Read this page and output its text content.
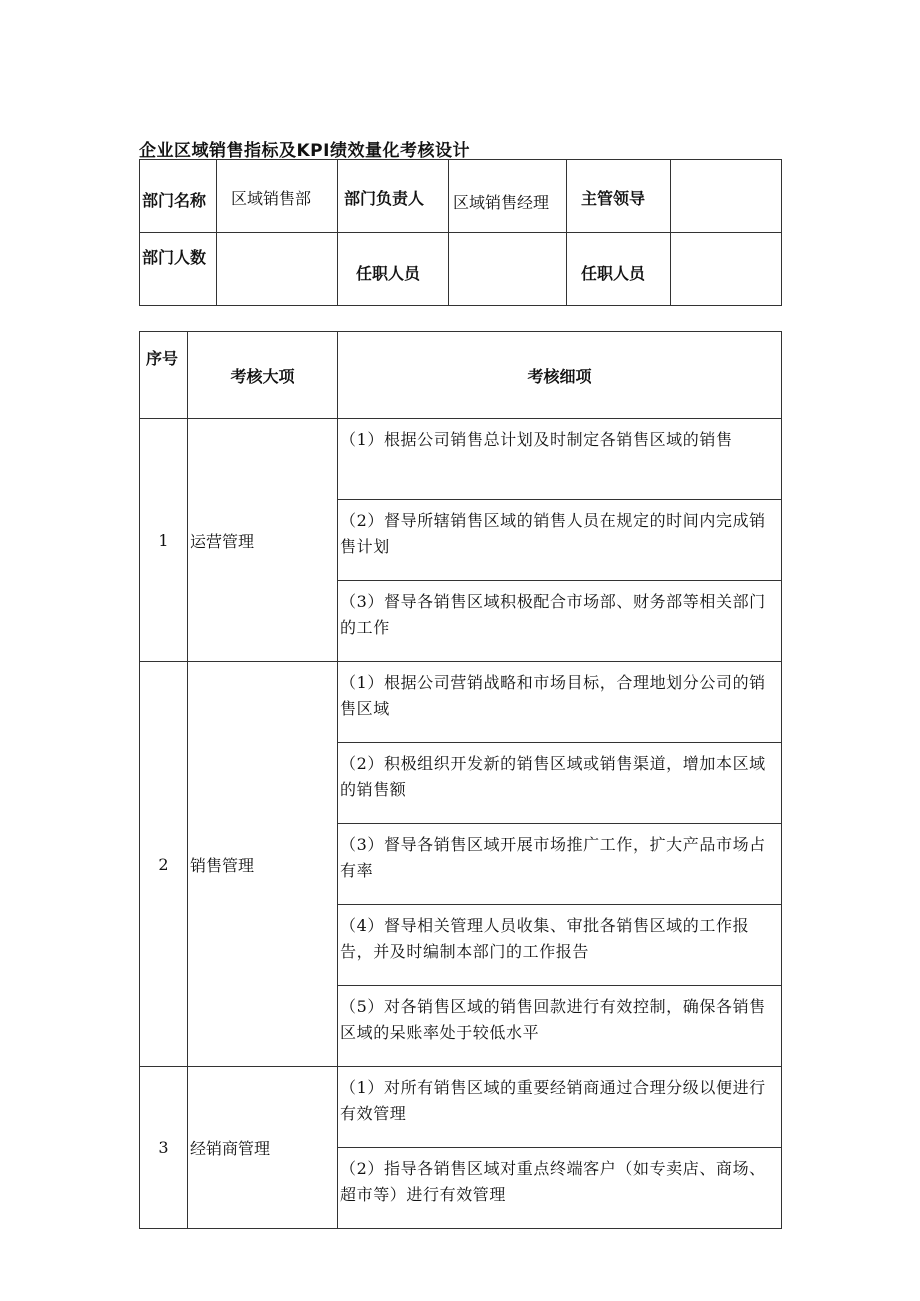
企业区域销售指标及KPI绩效量化考核设计
部门名称	区域销售部	部门负责人	区域销售经理	主管领导	

部门人数		任职人员		任职人员	

序号	考核大项	考核细项
1	运营管理	（1）根据公司销售总计划及时制定各销售区域的销售
		（2）督导所辖销售区域的销售人员在规定的时间内完成销售计划
		（3）督导各销售区域积极配合市场部、财务部等相关部门的工作
2	销售管理	（1）根据公司营销战略和市场目标，合理地划分公司的销售区域
		（2）积极组织开发新的销售区域或销售渠道，增加本区域的销售额
		（3）督导各销售区域开展市场推广工作，扩大产品市场占有率
		（4）督导相关管理人员收集、审批各销售区域的工作报告，并及时编制本部门的工作报告
		（5）对各销售区域的销售回款进行有效控制，确保各销售区域的呆账率处于较低水平
3	经销商管理	（1）对所有销售区域的重要经销商通过合理分级以便进行有效管理
		（2）指导各销售区域对重点终端客户（如专卖店、商场、超市等）进行有效管理
